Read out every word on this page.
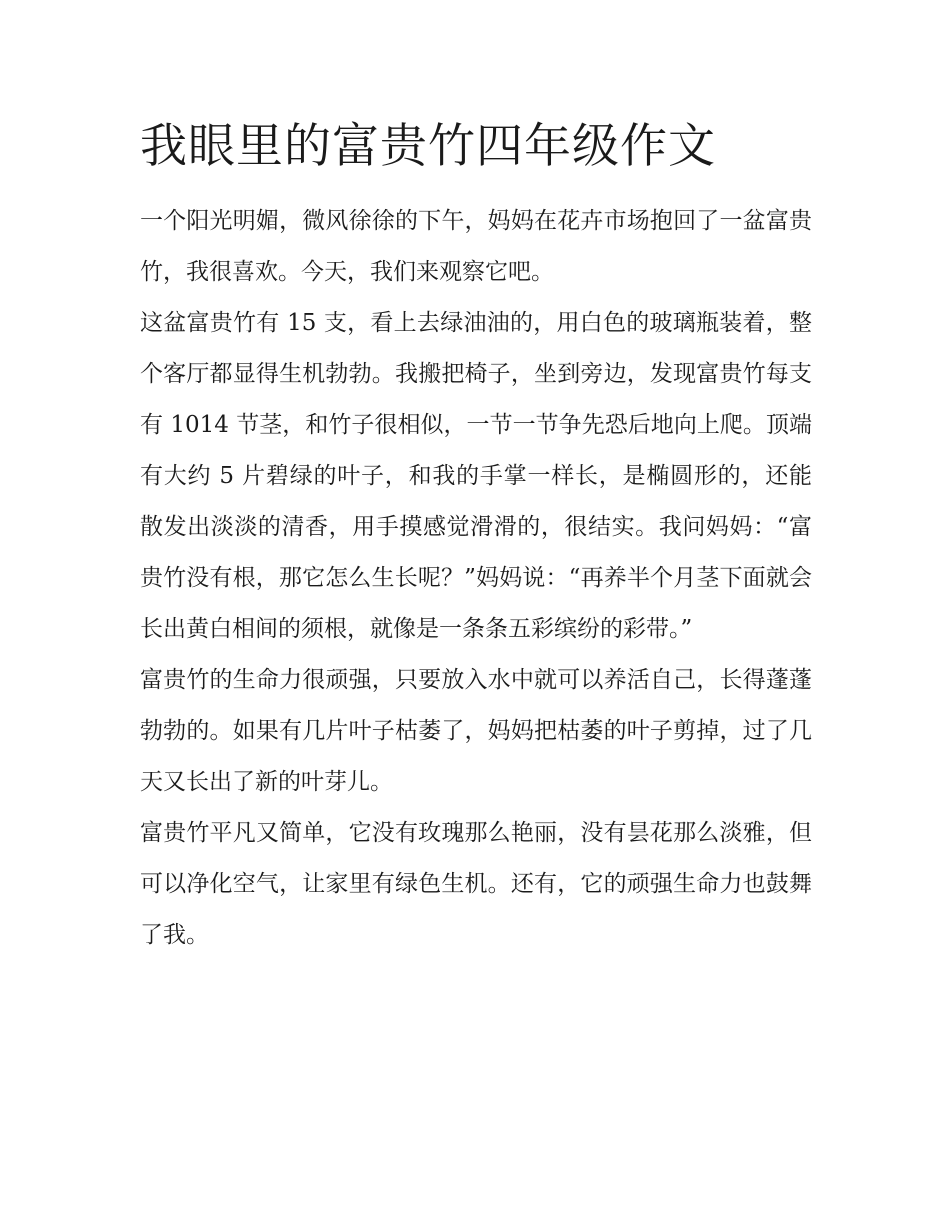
我眼里的富贵竹四年级作文

一个阳光明媚，微风徐徐的下午，妈妈在花卉市场抱回了一盆富贵竹，我很喜欢。今天，我们来观察它吧。

这盆富贵竹有 15 支，看上去绿油油的，用白色的玻璃瓶装着，整个客厅都显得生机勃勃。我搬把椅子，坐到旁边，发现富贵竹每支有 1014 节茎，和竹子很相似，一节一节争先恐后地向上爬。顶端有大约 5 片碧绿的叶子，和我的手掌一样长，是椭圆形的，还能散发出淡淡的清香，用手摸感觉滑滑的，很结实。我问妈妈：“富贵竹没有根，那它怎么生长呢？”妈妈说：“再养半个月茎下面就会长出黄白相间的须根，就像是一条条五彩缤纷的彩带。”

富贵竹的生命力很顽强，只要放入水中就可以养活自己，长得蓬蓬勃勃的。如果有几片叶子枯萎了，妈妈把枯萎的叶子剪掉，过了几天又长出了新的叶芽儿。

富贵竹平凡又简单，它没有玫瑰那么艳丽，没有昙花那么淡雅，但可以净化空气，让家里有绿色生机。还有，它的顽强生命力也鼓舞了我。
